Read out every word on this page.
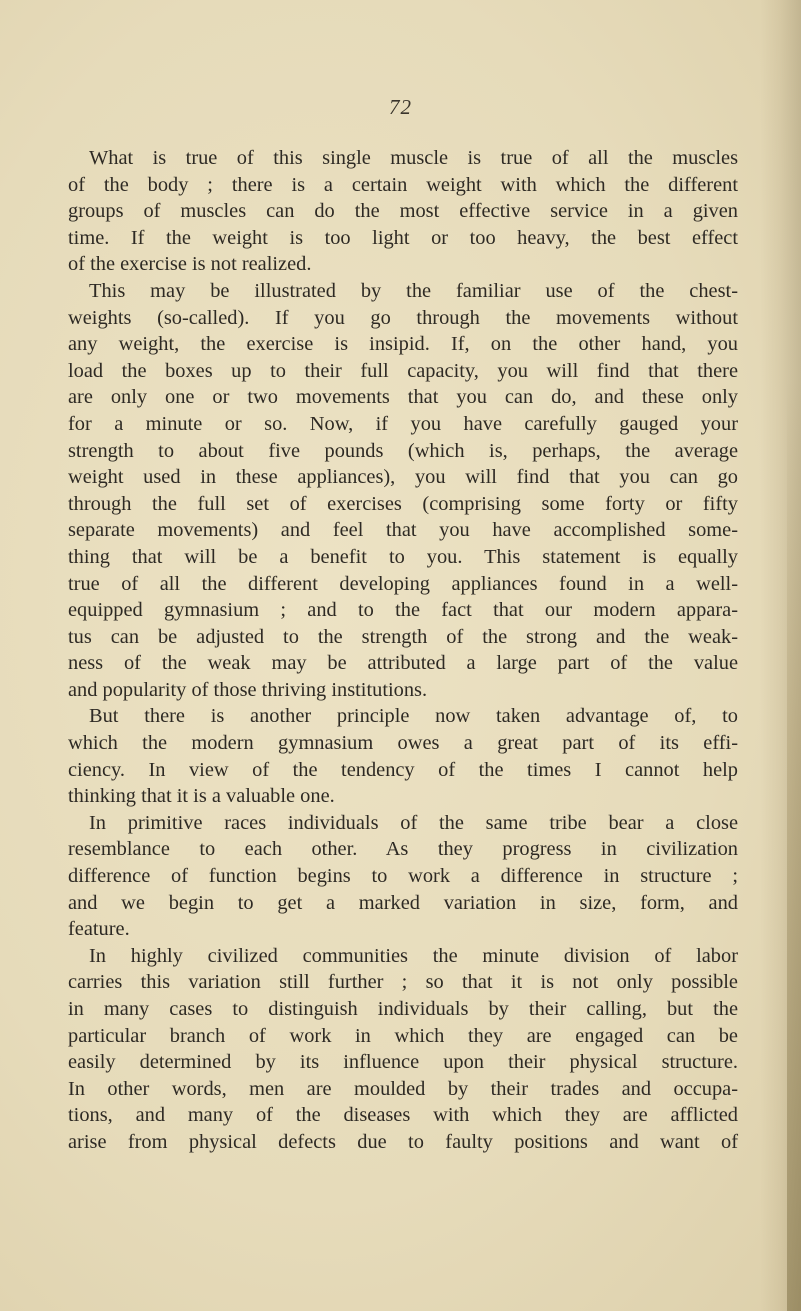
72
What is true of this single muscle is true of all the muscles
of the body ; there is a certain weight with which the different
groups of muscles can do the most effective service in a given
time. If the weight is too light or too heavy, the best effect
of the exercise is not realized.
This may be illustrated by the familiar use of the chest-
weights (so-called). If you go through the movements without
any weight, the exercise is insipid. If, on the other hand, you
load the boxes up to their full capacity, you will find that there
are only one or two movements that you can do, and these only
for a minute or so. Now, if you have carefully gauged your
strength to about five pounds (which is, perhaps, the average
weight used in these appliances), you will find that you can go
through the full set of exercises (comprising some forty or fifty
separate movements) and feel that you have accomplished some-
thing that will be a benefit to you. This statement is equally
true of all the different developing appliances found in a well-
equipped gymnasium ; and to the fact that our modern appara-
tus can be adjusted to the strength of the strong and the weak-
ness of the weak may be attributed a large part of the value
and popularity of those thriving institutions.
But there is another principle now taken advantage of, to
which the modern gymnasium owes a great part of its effi-
ciency. In view of the tendency of the times I cannot help
thinking that it is a valuable one.
In primitive races individuals of the same tribe bear a close
resemblance to each other. As they progress in civilization
difference of function begins to work a difference in structure ;
and we begin to get a marked variation in size, form, and
feature.
In highly civilized communities the minute division of labor
carries this variation still further ; so that it is not only possible
in many cases to distinguish individuals by their calling, but the
particular branch of work in which they are engaged can be
easily determined by its influence upon their physical structure.
In other words, men are moulded by their trades and occupa-
tions, and many of the diseases with which they are afflicted
arise from physical defects due to faulty positions and want of
